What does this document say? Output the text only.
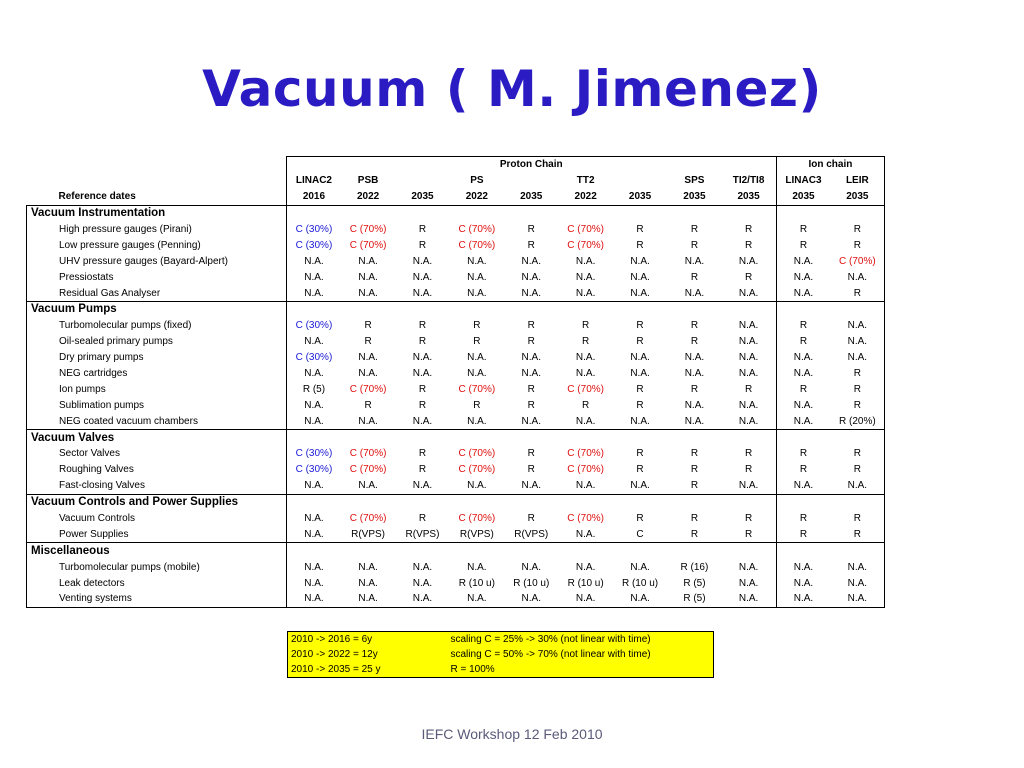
Vacuum ( M. Jimenez)
	Proton Chain									Ion chain	
	LINAC2	PSB		PS		TT2		SPS	TI2/TI8	LINAC3	LEIR
Reference dates	2016	2022	2035	2022	2035	2022	2035	2035	2035	2035	2035
Vacuum Instrumentation											
High pressure gauges (Pirani)	C (30%)	C (70%)	R	C (70%)	R	C (70%)	R	R	R	R	R
Low pressure gauges (Penning)	C (30%)	C (70%)	R	C (70%)	R	C (70%)	R	R	R	R	R
UHV pressure gauges (Bayard-Alpert)	N.A.	N.A.	N.A.	N.A.	N.A.	N.A.	N.A.	N.A.	N.A.	N.A.	C (70%)
Pressiostats	N.A.	N.A.	N.A.	N.A.	N.A.	N.A.	N.A.	R	R	N.A.	N.A.
Residual Gas Analyser	N.A.	N.A.	N.A.	N.A.	N.A.	N.A.	N.A.	N.A.	N.A.	N.A.	R
Vacuum Pumps											
Turbomolecular pumps (fixed)	C (30%)	R	R	R	R	R	R	R	N.A.	R	N.A.
Oil-sealed primary pumps	N.A.	R	R	R	R	R	R	R	N.A.	R	N.A.
Dry primary pumps	C (30%)	N.A.	N.A.	N.A.	N.A.	N.A.	N.A.	N.A.	N.A.	N.A.	N.A.
NEG cartridges	N.A.	N.A.	N.A.	N.A.	N.A.	N.A.	N.A.	N.A.	N.A.	N.A.	R
Ion pumps	R (5)	C (70%)	R	C (70%)	R	C (70%)	R	R	R	R	R
Sublimation pumps	N.A.	R	R	R	R	R	R	N.A.	N.A.	N.A.	R
NEG coated vacuum chambers	N.A.	N.A.	N.A.	N.A.	N.A.	N.A.	N.A.	N.A.	N.A.	N.A.	R (20%)
Vacuum Valves											
Sector Valves	C (30%)	C (70%)	R	C (70%)	R	C (70%)	R	R	R	R	R
Roughing Valves	C (30%)	C (70%)	R	C (70%)	R	C (70%)	R	R	R	R	R
Fast-closing Valves	N.A.	N.A.	N.A.	N.A.	N.A.	N.A.	N.A.	R	N.A.	N.A.	N.A.
Vacuum Controls and Power Supplies											
Vacuum Controls	N.A.	C (70%)	R	C (70%)	R	C (70%)	R	R	R	R	R
Power Supplies	N.A.	R(VPS)	R(VPS)	R(VPS)	R(VPS)	N.A.	C	R	R	R	R
Miscellaneous											
Turbomolecular pumps (mobile)	N.A.	N.A.	N.A.	N.A.	N.A.	N.A.	N.A.	R (16)	N.A.	N.A.	N.A.
Leak detectors	N.A.	N.A.	N.A.	R (10 u)	R (10 u)	R (10 u)	R (10 u)	R (5)	N.A.	N.A.	N.A.
Venting systems	N.A.	N.A.	N.A.	N.A.	N.A.	N.A.	N.A.	R (5)	N.A.	N.A.	N.A.
2010 -> 2016 = 6y	scaling C = 25% -> 30% (not linear with time)
2010 -> 2022 = 12y	scaling C = 50% -> 70% (not linear with time)
2010 -> 2035 = 25 y	R = 100%
IEFC Workshop 12 Feb 2010
